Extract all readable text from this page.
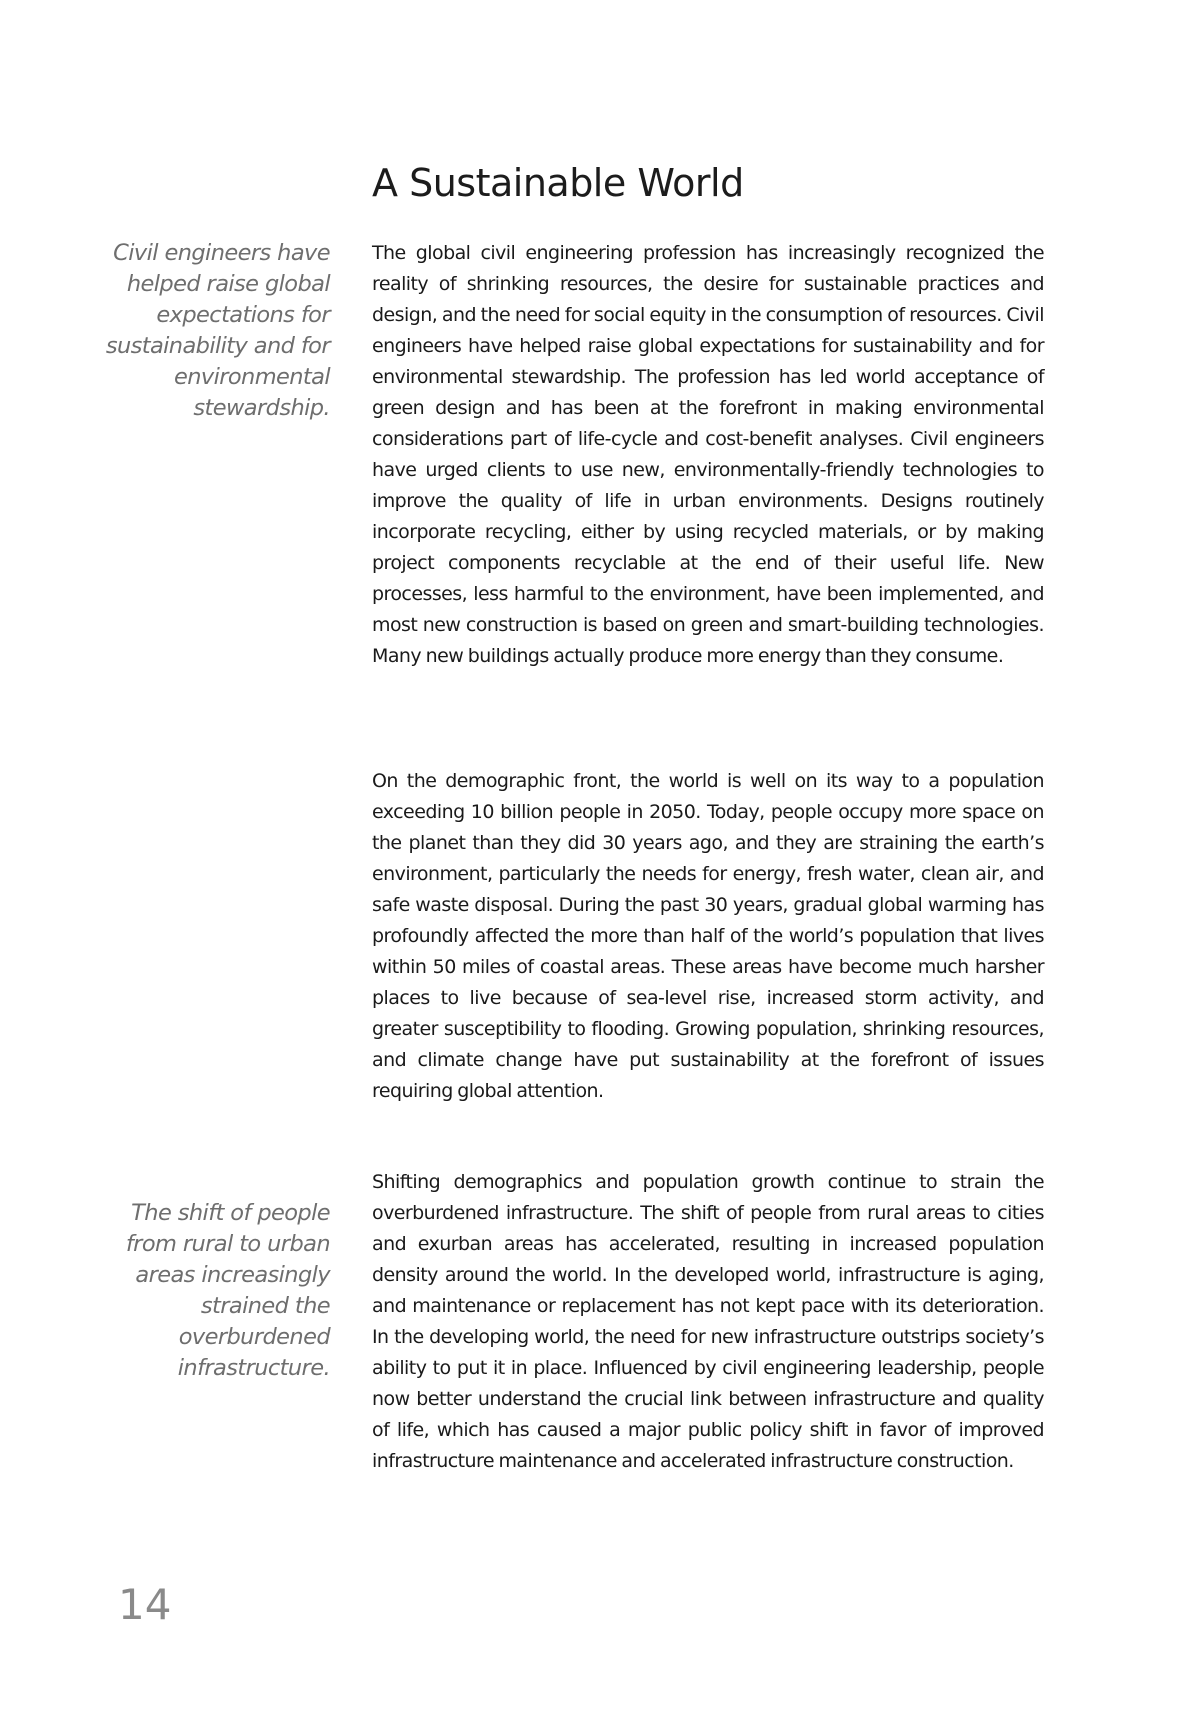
A Sustainable World

Civil engineers have helped raise global expectations for sustainability and for environmental stewardship.

The shift of people from rural to urban areas increasingly strained the overburdened infrastructure.

The global civil engineering profession has increasingly recognized the reality of shrinking resources, the desire for sustainable practices and design, and the need for social equity in the consumption of resources. Civil engineers have helped raise global expectations for sustainability and for environmental stewardship. The profession has led world acceptance of green design and has been at the forefront in making environmental considerations part of life-cycle and cost-benefit analyses. Civil engineers have urged clients to use new, environmentally-friendly technologies to improve the quality of life in urban environments. Designs routinely incorporate recycling, either by using recycled materials, or by making project components recyclable at the end of their useful life. New processes, less harmful to the environment, have been implemented, and most new construction is based on green and smart-building technologies. Many new buildings actually produce more energy than they consume.

On the demographic front, the world is well on its way to a population exceeding 10 billion people in 2050. Today, people occupy more space on the planet than they did 30 years ago, and they are straining the earth’s environment, particularly the needs for energy, fresh water, clean air, and safe waste disposal. During the past 30 years, gradual global warming has profoundly affected the more than half of the world’s population that lives within 50 miles of coastal areas. These areas have become much harsher places to live because of sea-level rise, increased storm activity, and greater susceptibility to flooding. Growing population, shrinking resources, and climate change have put sustainability at the forefront of issues requiring global attention.

Shifting demographics and population growth continue to strain the overburdened infrastructure. The shift of people from rural areas to cities and exurban areas has accelerated, resulting in increased population density around the world. In the developed world, infrastructure is aging, and maintenance or replacement has not kept pace with its deterioration. In the developing world, the need for new infrastructure outstrips society’s ability to put it in place. Influenced by civil engineering leadership, people now better understand the crucial link between infrastructure and quality of life, which has caused a major public policy shift in favor of improved infrastructure maintenance and accelerated infrastructure construction.

14
